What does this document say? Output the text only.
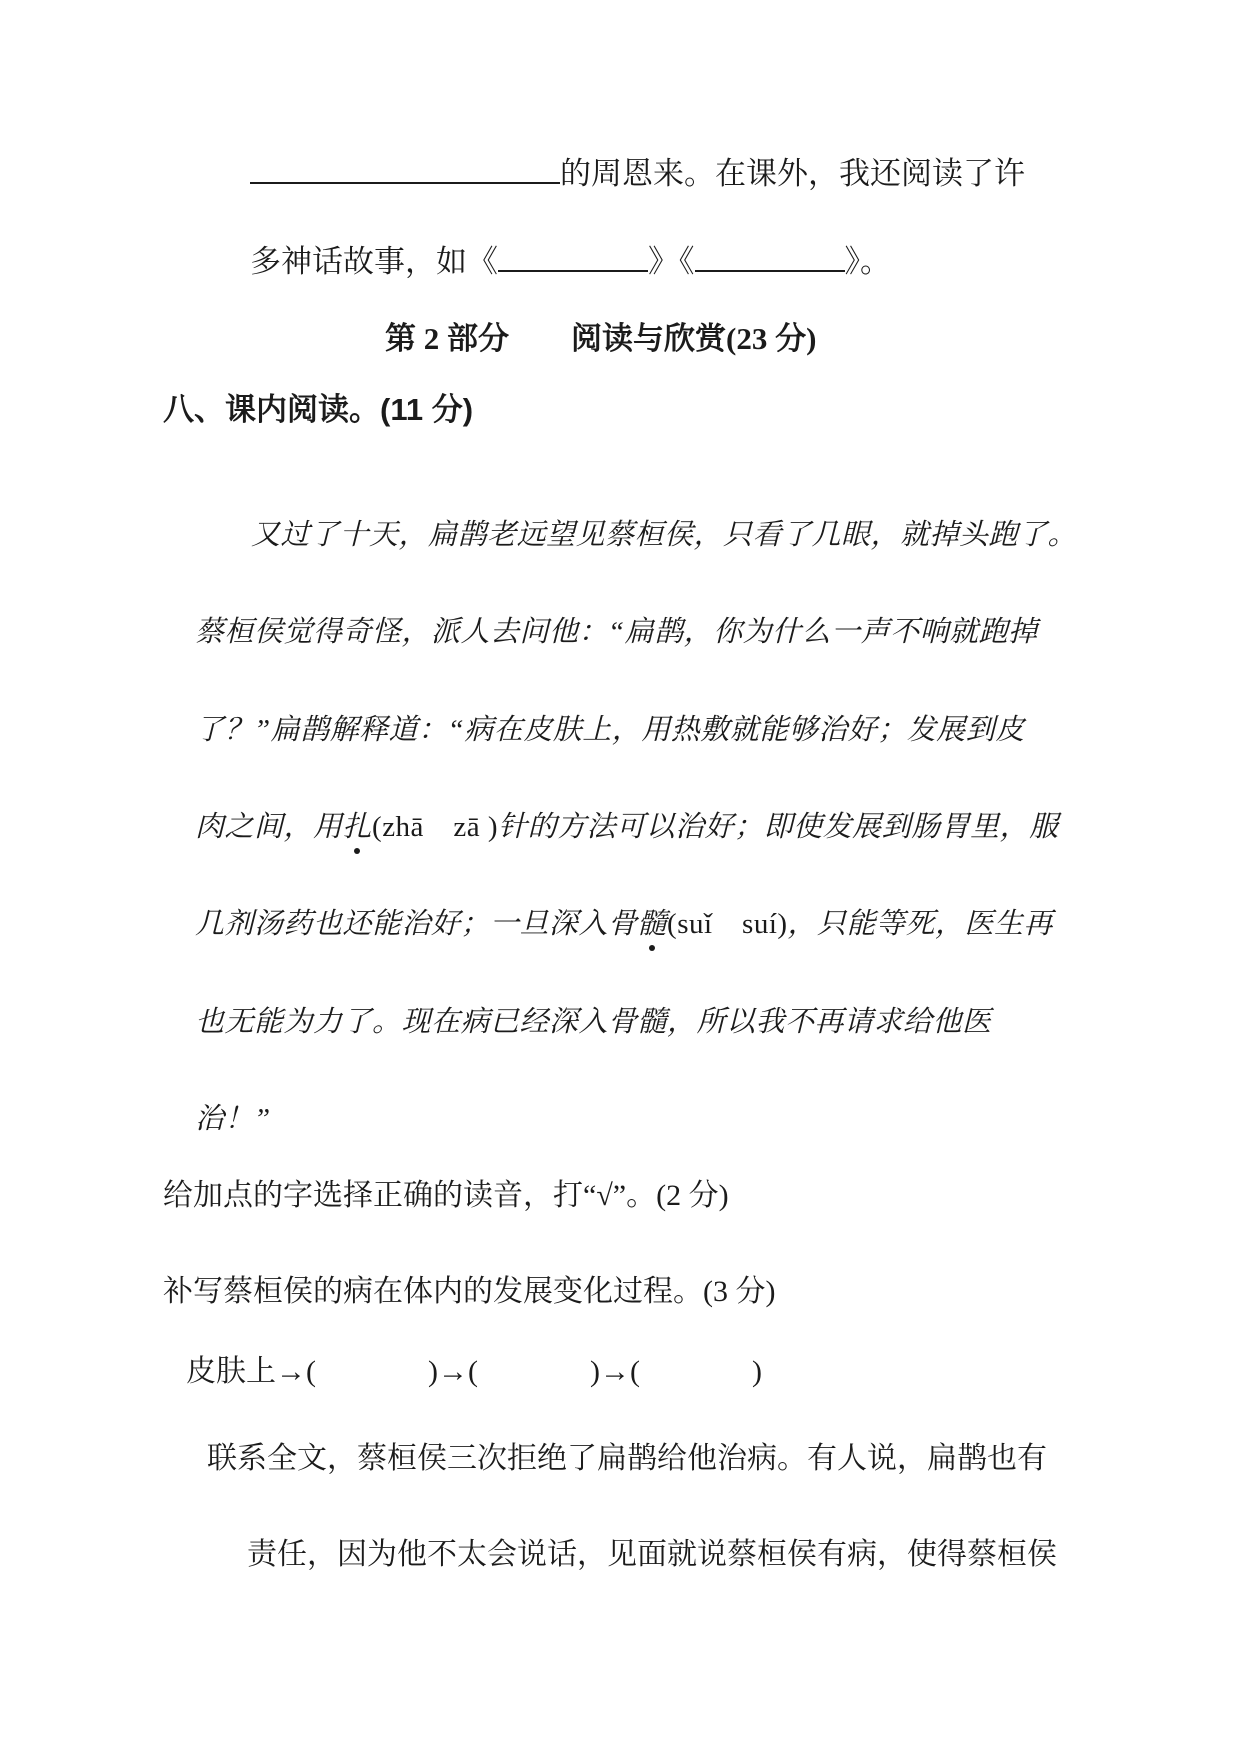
的周恩来。在课外，我还阅读了许
多神话故事，如《	》《	》。
第 2 部分　　阅读与欣赏(23 分)
八、课内阅读。(11 分)
又过了十天，扁鹊老远望见蔡桓侯，只看了几眼，就掉头跑了。
蔡桓侯觉得奇怪，派人去问他：“扁鹊，你为什么一声不响就跑掉
了？”扁鹊解释道：“病在皮肤上，用热敷就能够治好；发展到皮
肉之间，用扎(zhā　zā )针的方法可以治好；即使发展到肠胃里，服
几剂汤药也还能治好；一旦深入骨髓(suǐ　suí)，只能等死，医生再
也无能为力了。现在病已经深入骨髓，所以我不再请求给他医
治！”
给加点的字选择正确的读音，打“√”。(2 分)
补写蔡桓侯的病在体内的发展变化过程。(3 分)
皮肤上→(	)→(	)→(	)
联系全文，蔡桓侯三次拒绝了扁鹊给他治病。有人说，扁鹊也有
责任，因为他不太会说话，见面就说蔡桓侯有病，使得蔡桓侯
